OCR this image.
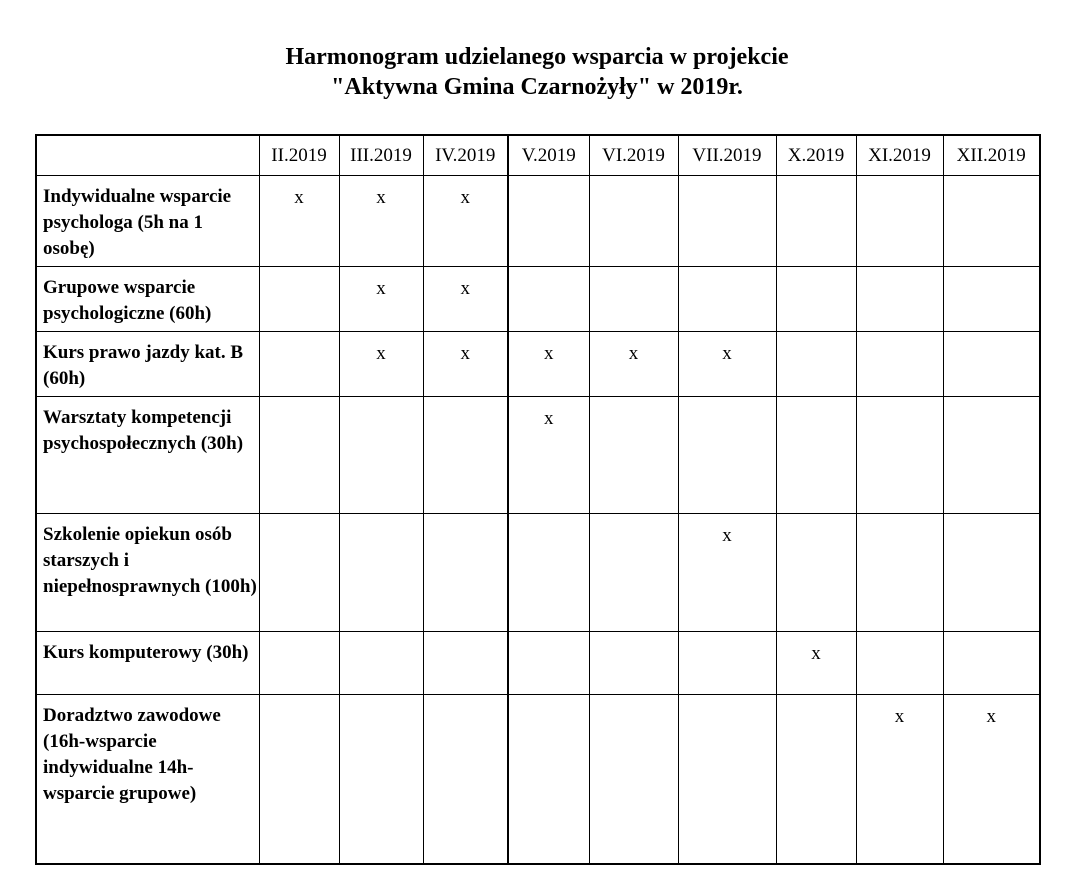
Harmonogram udzielanego wsparcia w projekcie
"Aktywna Gmina Czarnożyły" w 2019r.
	II.2019	III.2019	IV.2019	V.2019	VI.2019	VII.2019	X.2019	XI.2019	XII.2019
Indywidualne wsparcie psychologa (5h na 1 osobę)	x	x	x						
Grupowe wsparcie psychologiczne (60h)		x	x						
Kurs prawo jazdy kat. B (60h)		x	x	x	x	x			
Warsztaty kompetencji psychospołecznych (30h)				x					
Szkolenie opiekun osób starszych i niepełnosprawnych (100h)						x			
Kurs komputerowy (30h)							x		
Doradztwo zawodowe (16h-wsparcie indywidualne 14h-wsparcie grupowe)								x	x
